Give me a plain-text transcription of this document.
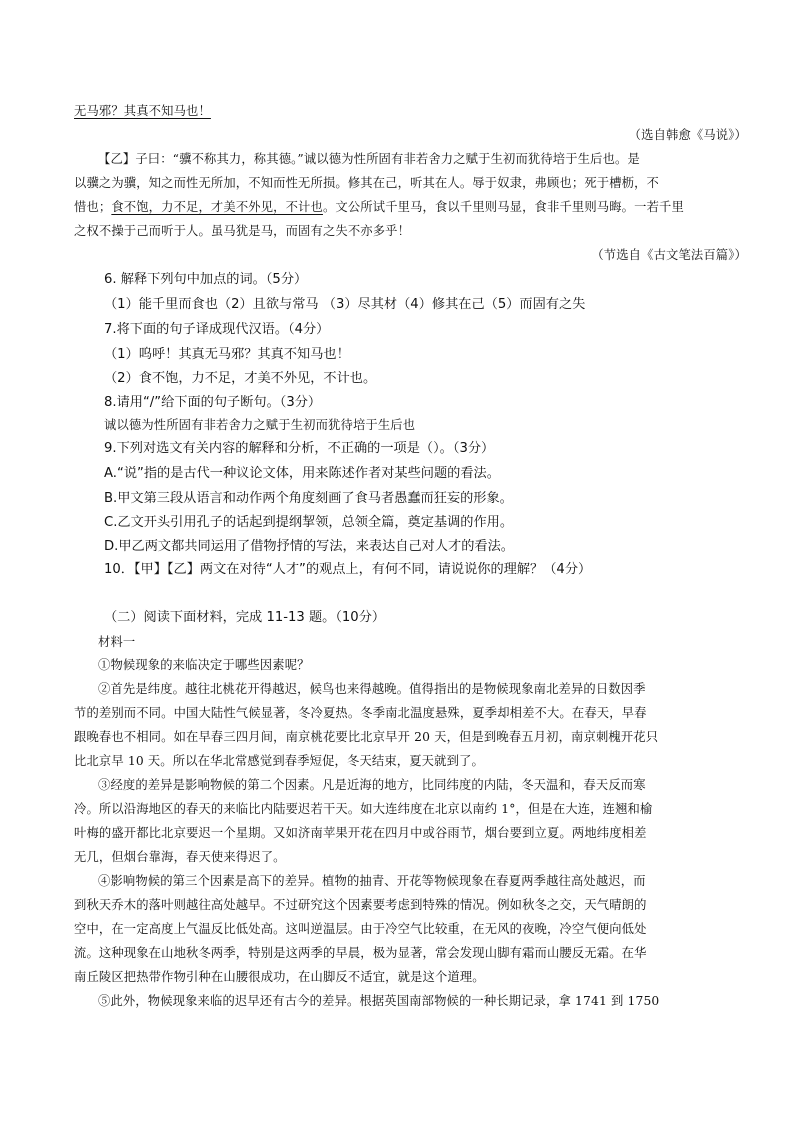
无马邪？其真不知马也！
（选自韩愈《马说》）
【乙】子曰：“骥不称其力，称其德。”诚以德为性所固有非若舍力之赋于生初而犹待培于生后也。是
以骥之为骥，知之而性无所加，不知而性无所损。修其在己，听其在人。辱于奴隶，弗顾也；死于槽枥，不
惜也；食不饱，力不足，才美不外见，不计也。文公所试千里马，食以千里则马显，食非千里则马晦。一若千里
之权不操于己而听于人。虽马犹是马，而固有之失不亦多乎！
（节选自《古文笔法百篇》）
6. 解释下列句中加点的词。（5分）
（1）能千里而食也（2）且欲与常马 （3）尽其材（4）修其在己（5）而固有之失
7.将下面的句子译成现代汉语。（4分）
（1）呜呼！其真无马邪？其真不知马也！
（2）食不饱，力不足，才美不外见，不计也。
8.请用“/”给下面的句子断句。（3分）
诚以德为性所固有非若舍力之赋于生初而犹待培于生后也
9.下列对选文有关内容的解释和分析，不正确的一项是（）。（3分）
A.“说”指的是古代一种议论文体，用来陈述作者对某些问题的看法。
B.甲文第三段从语言和动作两个角度刻画了食马者愚蠢而狂妄的形象。
C.乙文开头引用孔子的话起到提纲挈领，总领全篇，奠定基调的作用。
D.甲乙两文都共同运用了借物抒情的写法，来表达自己对人才的看法。
10．【甲】【乙】两文在对待“人才”的观点上，有何不同，请说说你的理解？（4分）
（二）阅读下面材料，完成 11-13 题。（10分）
材料一
①物候现象的来临决定于哪些因素呢？
②首先是纬度。越往北桃花开得越迟，候鸟也来得越晚。值得指出的是物候现象南北差异的日数因季
节的差别而不同。中国大陆性气候显著，冬冷夏热。冬季南北温度悬殊，夏季却相差不大。在春天，早春
跟晚春也不相同。如在早春三四月间，南京桃花要比北京早开 20 天，但是到晚春五月初，南京刺槐开花只
比北京早 10 天。所以在华北常感觉到春季短促，冬天结束，夏天就到了。
③经度的差异是影响物候的第二个因素。凡是近海的地方，比同纬度的内陆，冬天温和，春天反而寒
冷。所以沿海地区的春天的来临比内陆要迟若干天。如大连纬度在北京以南约 1°，但是在大连，连翘和榆
叶梅的盛开都比北京要迟一个星期。又如济南苹果开花在四月中或谷雨节，烟台要到立夏。两地纬度相差
无几，但烟台靠海，春天使来得迟了。
④影响物候的第三个因素是高下的差异。植物的抽青、开花等物候现象在春夏两季越往高处越迟，而
到秋天乔木的落叶则越往高处越早。不过研究这个因素要考虑到特殊的情况。例如秋冬之交，天气晴朗的
空中，在一定高度上气温反比低处高。这叫逆温层。由于冷空气比较重，在无风的夜晚，冷空气便向低处
流。这种现象在山地秋冬两季，特别是这两季的早晨，极为显著，常会发现山脚有霜而山腰反无霜。在华
南丘陵区把热带作物引种在山腰很成功，在山脚反不适宜，就是这个道理。
⑤此外，物候现象来临的迟早还有古今的差异。根据英国南部物候的一种长期记录，拿 1741 到 1750
